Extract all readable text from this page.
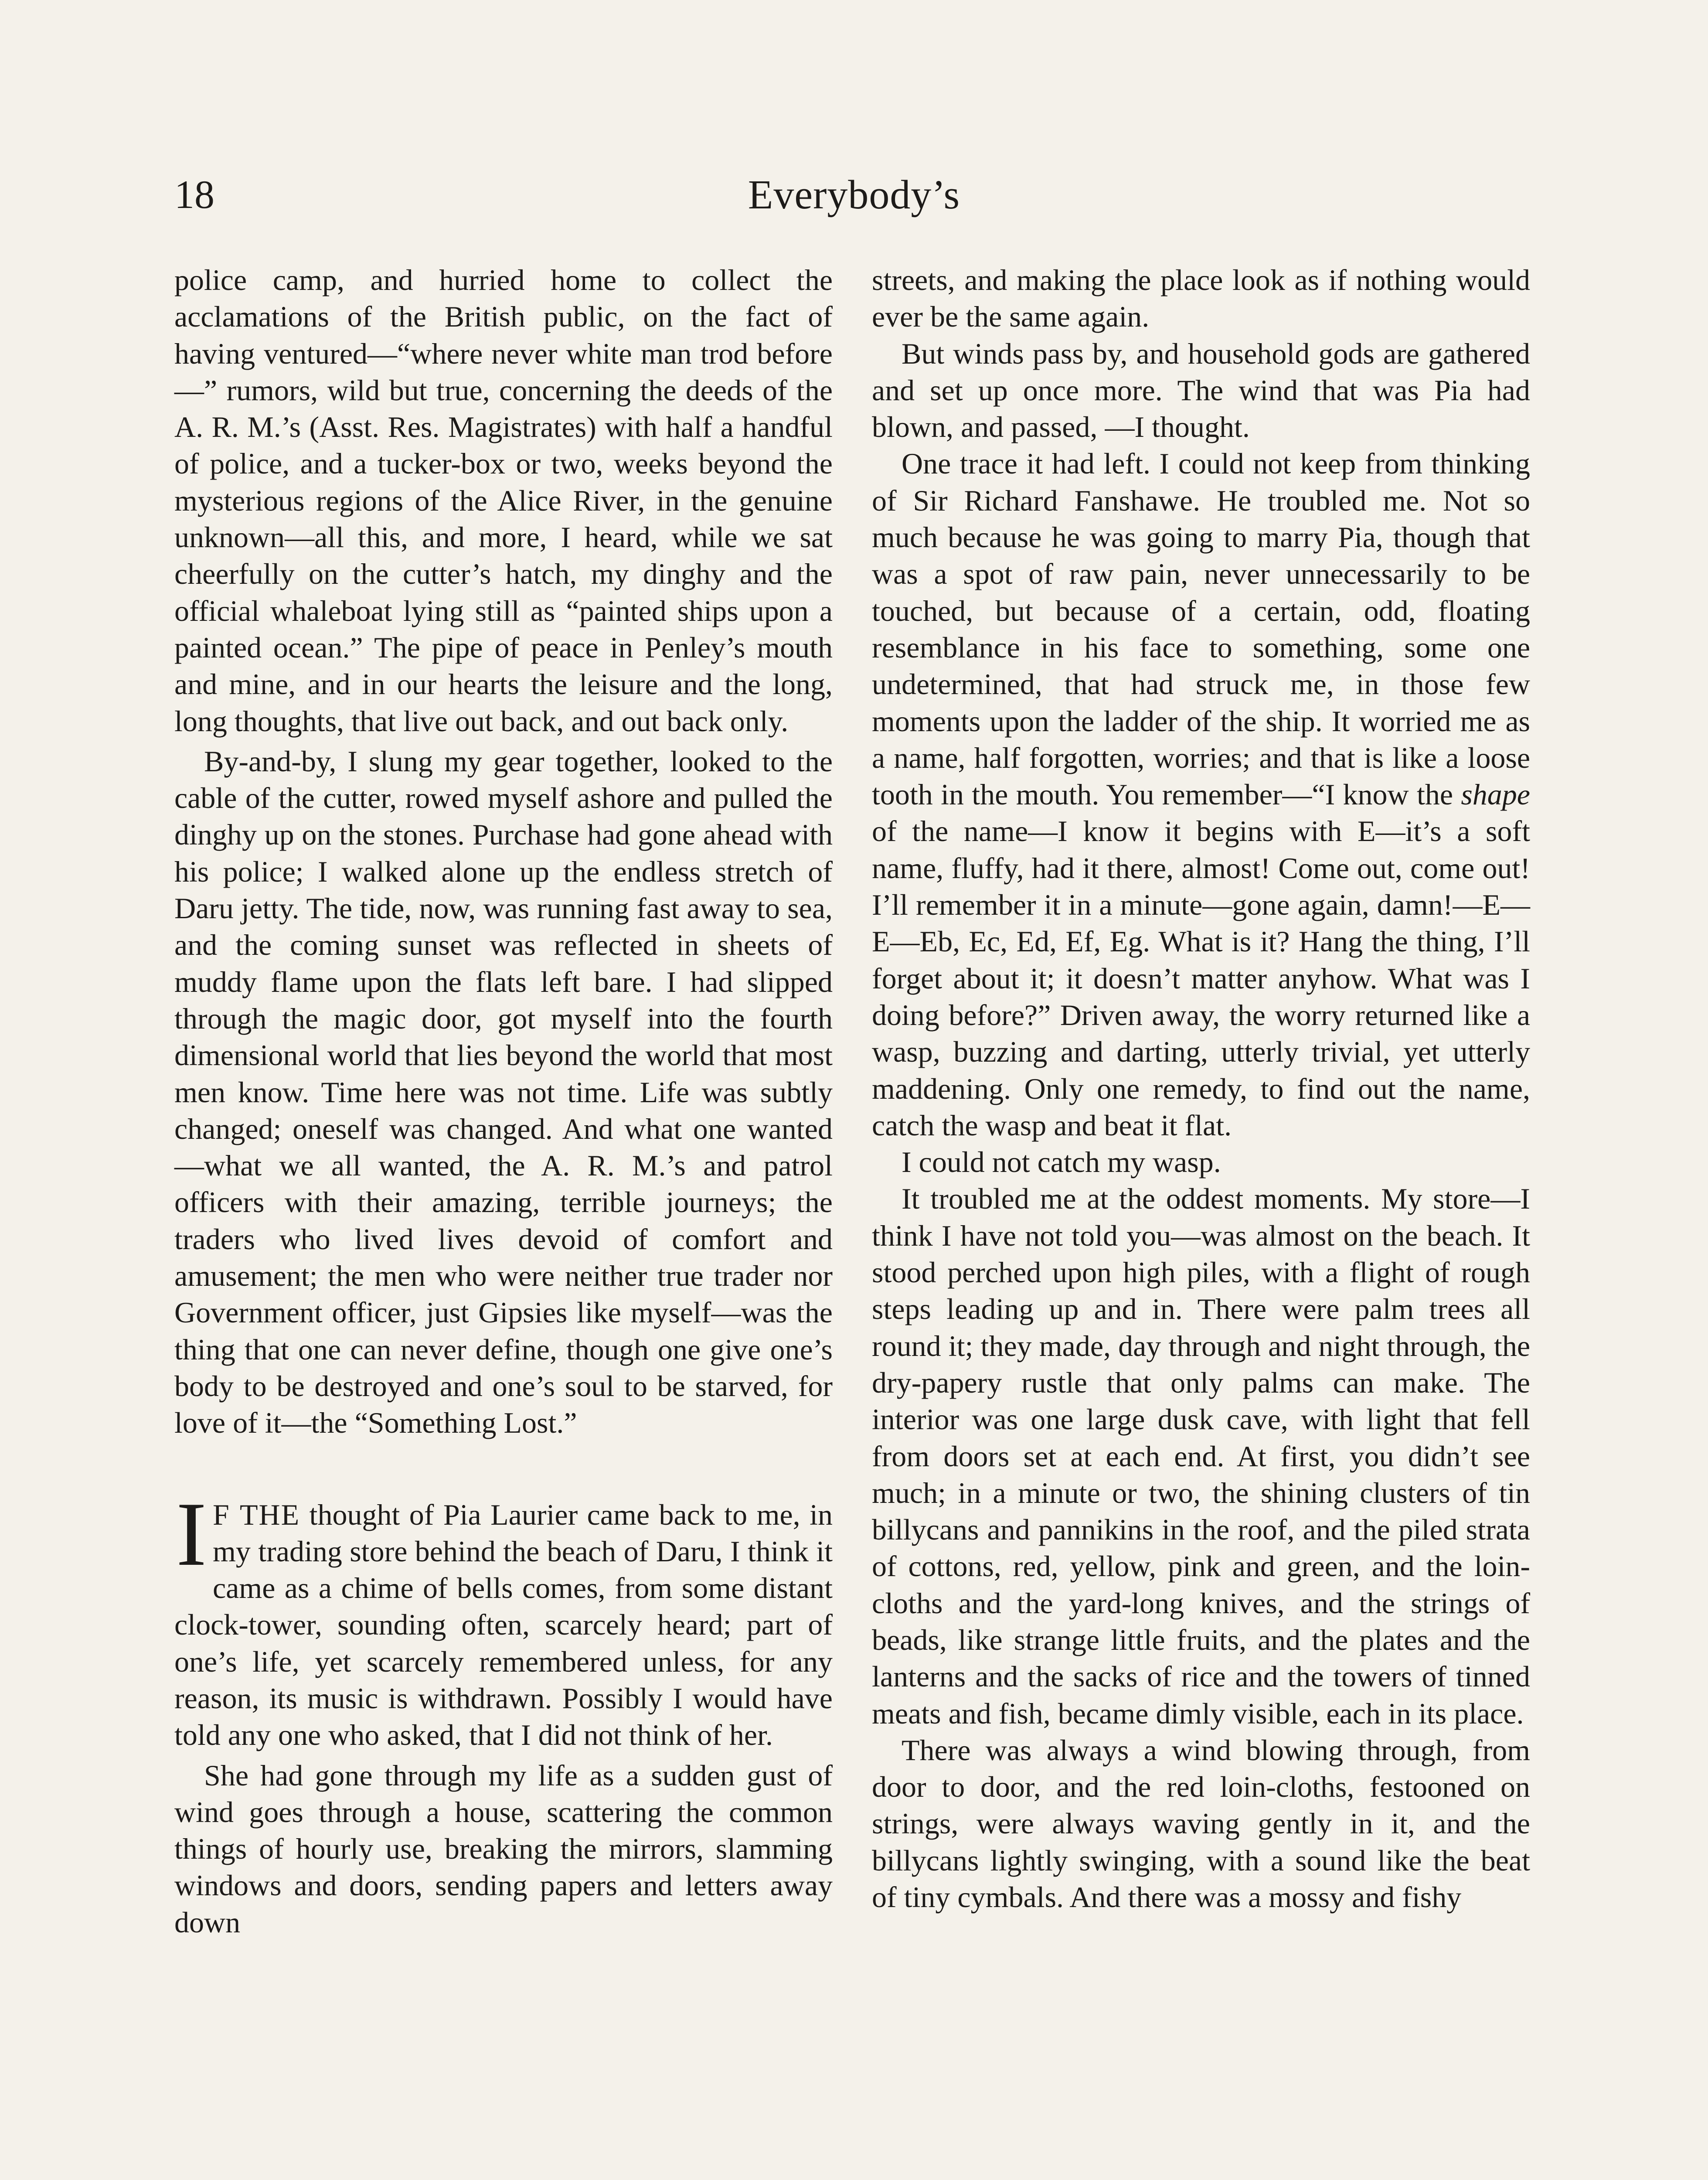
18	Everybody’s

police camp, and hurried home to collect the acclamations of the British public, on the fact of having ventured—“where never white man trod before—” rumors, wild but true, concerning the deeds of the A. R. M.’s (Asst. Res. Magistrates) with half a handful of police, and a tucker-box or two, weeks beyond the mysterious regions of the Alice River, in the genuine unknown—all this, and more, I heard, while we sat cheerfully on the cutter’s hatch, my dinghy and the official whaleboat lying still as “painted ships upon a painted ocean.” The pipe of peace in Penley’s mouth and mine, and in our hearts the leisure and the long, long thoughts, that live out back, and out back only.

By-and-by, I slung my gear together, looked to the cable of the cutter, rowed myself ashore and pulled the dinghy up on the stones. Purchase had gone ahead with his police; I walked alone up the endless stretch of Daru jetty. The tide, now, was running fast away to sea, and the coming sunset was reflected in sheets of muddy flame upon the flats left bare. I had slipped through the magic door, got myself into the fourth dimensional world that lies beyond the world that most men know. Time here was not time. Life was subtly changed; oneself was changed. And what one wanted—what we all wanted, the A. R. M.’s and patrol officers with their amazing, terrible journeys; the traders who lived lives devoid of comfort and amusement; the men who were neither true trader nor Government officer, just Gipsies like myself—was the thing that one can never define, though one give one’s body to be destroyed and one’s soul to be starved, for love of it—the “Something Lost.”

I F THE thought of Pia Laurier came back to me, in my trading store behind the beach of Daru, I think it came as a chime of bells comes, from some distant clock-tower, sounding often, scarcely heard; part of one’s life, yet scarcely remembered unless, for any reason, its music is withdrawn. Possibly I would have told any one who asked, that I did not think of her.

She had gone through my life as a sudden gust of wind goes through a house, scattering the common things of hourly use, breaking the mirrors, slamming windows and doors, sending papers and letters away down

streets, and making the place look as if nothing would ever be the same again.

But winds pass by, and household gods are gathered and set up once more. The wind that was Pia had blown, and passed, —I thought.

One trace it had left. I could not keep from thinking of Sir Richard Fanshawe. He troubled me. Not so much because he was going to marry Pia, though that was a spot of raw pain, never unnecessarily to be touched, but because of a certain, odd, floating resemblance in his face to something, some one undetermined, that had struck me, in those few moments upon the ladder of the ship. It worried me as a name, half forgotten, worries; and that is like a loose tooth in the mouth. You remember—“I know the shape of the name—I know it begins with E—it’s a soft name, fluffy, had it there, almost! Come out, come out! I’ll remember it in a minute—gone again, damn!—E—E—Eb, Ec, Ed, Ef, Eg. What is it? Hang the thing, I’ll forget about it; it doesn’t matter anyhow. What was I doing before?” Driven away, the worry returned like a wasp, buzzing and darting, utterly trivial, yet utterly maddening. Only one remedy, to find out the name, catch the wasp and beat it flat.

I could not catch my wasp.

It troubled me at the oddest moments. My store—I think I have not told you—was almost on the beach. It stood perched upon high piles, with a flight of rough steps leading up and in. There were palm trees all round it; they made, day through and night through, the dry-papery rustle that only palms can make. The interior was one large dusk cave, with light that fell from doors set at each end. At first, you didn’t see much; in a minute or two, the shining clusters of tin billycans and pannikins in the roof, and the piled strata of cottons, red, yellow, pink and green, and the loin-cloths and the yard-long knives, and the strings of beads, like strange little fruits, and the plates and the lanterns and the sacks of rice and the towers of tinned meats and fish, became dimly visible, each in its place.

There was always a wind blowing through, from door to door, and the red loin-cloths, festooned on strings, were always waving gently in it, and the billycans lightly swinging, with a sound like the beat of tiny cymbals. And there was a mossy and fishy
